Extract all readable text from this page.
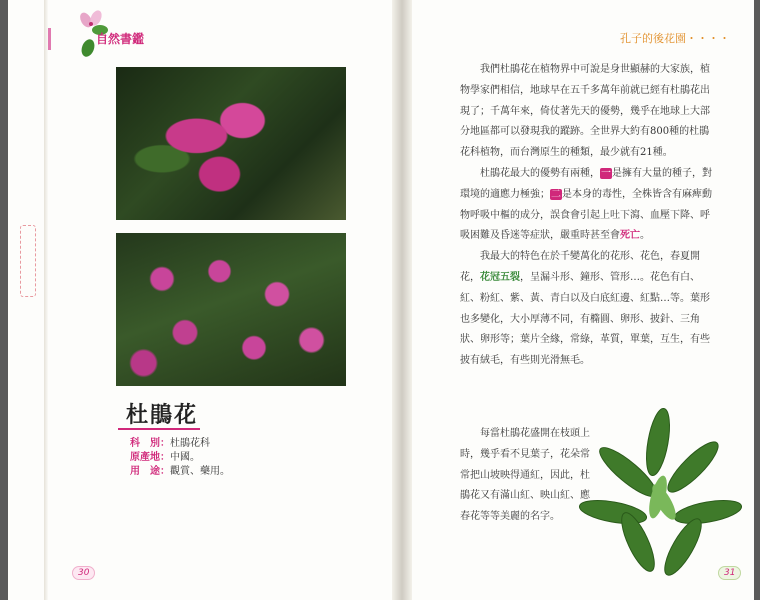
自然書鑑
杜鵑花
科　別：杜鵑花科
原產地：中國。
用　途：觀賞、藥用。
30
孔子的後花園・・・・

我們杜鵑花在植物界中可說是身世顯赫的大家族，植物學家們相信，地球早在五千多萬年前就已經有杜鵑花出現了；千萬年來，倚仗著先天的優勢，幾乎在地球上大部分地區都可以發現我的蹤跡。全世界大約有800種的杜鵑花科植物，而台灣原生的種類，最少就有21種。

杜鵑花最大的優勢有兩種，一是擁有大量的種子，對環境的適應力極強；二是本身的毒性，全株皆含有麻痺動物呼吸中樞的成分，誤食會引起上吐下瀉、血壓下降、呼吸困難及昏迷等症狀，嚴重時甚至會死亡。

我最大的特色在於千變萬化的花形、花色，春夏開花，花冠五裂，呈漏斗形、鐘形、管形…。花色有白、紅、粉紅、紫、黃、青白以及白底紅邊、紅點…等。葉形也多變化，大小厚薄不同，有橢圓、卵形、披針、三角狀、卵形等；葉片全緣，常綠，革質，單葉，互生，有些披有絨毛，有些則光滑無毛。

每當杜鵑花盛開在枝頭上時，幾乎看不見葉子，花朵常常把山坡映得通紅，因此，杜鵑花又有滿山紅、映山紅、應春花等等美麗的名字。

31
